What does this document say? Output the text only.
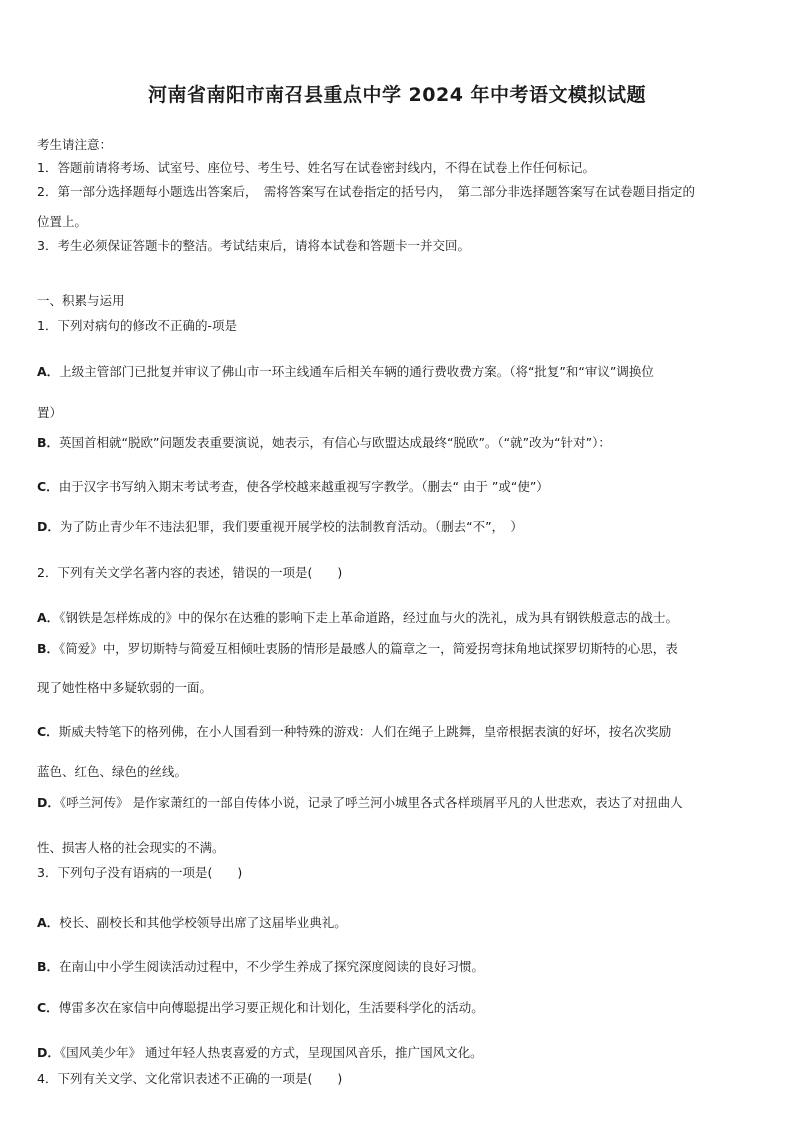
河南省南阳市南召县重点中学 2024 年中考语文模拟试题
考生请注意：
1．答题前请将考场、试室号、座位号、考生号、姓名写在试卷密封线内，不得在试卷上作任何标记。
2．第一部分选择题每小题选出答案后，　需将答案写在试卷指定的括号内，　第二部分非选择题答案写在试卷题目指定的
位置上。
3．考生必须保证答题卡的整洁。考试结束后，请将本试卷和答题卡一并交回。
一、积累与运用
1．下列对病句的修改不正确的-项是
A．上级主管部门已批复并审议了佛山市一环主线通车后相关车辆的通行费收费方案。（将“批复”和“审议”调换位
置）
B．英国首相就“脱欧”问题发表重要演说，她表示，有信心与欧盟达成最终“脱欧”。（“就”改为“针对”）：
C．由于汉字书写纳入期末考试考查，使各学校越来越重视写字教学。（删去“ 由于 ”或“使”）
D．为了防止青少年不违法犯罪，我们要重视开展学校的法制教育活动。（删去“不”，　）
2．下列有关文学名著内容的表述，错误的一项是(　　)
A．《钢铁是怎样炼成的》中的保尔在达雅的影响下走上革命道路，经过血与火的洗礼，成为具有钢铁般意志的战士。
B．《简爱》中，罗切斯特与简爱互相倾吐衷肠的情形是最感人的篇章之一，简爱拐弯抹角地试探罗切斯特的心思，表
现了她性格中多疑软弱的一面。
C．斯威夫特笔下的格列佛，在小人国看到一种特殊的游戏：人们在绳子上跳舞，皇帝根据表演的好坏，按名次奖励
蓝色、红色、绿色的丝线。
D．《呼兰河传》 是作家萧红的一部自传体小说，记录了呼兰河小城里各式各样琐屑平凡的人世悲欢，表达了对扭曲人
性、损害人格的社会现实的不满。
3．下列句子没有语病的一项是(　　)
A．校长、副校长和其他学校领导出席了这届毕业典礼。
B．在南山中小学生阅读活动过程中，不少学生养成了探究深度阅读的良好习惯。
C．傅雷多次在家信中向傅聪提出学习要正规化和计划化，生活要科学化的活动。
D．《国风美少年》 通过年轻人热衷喜爱的方式，呈现国风音乐，推广国风文化。
4．下列有关文学、文化常识表述不正确的一项是(　　)
